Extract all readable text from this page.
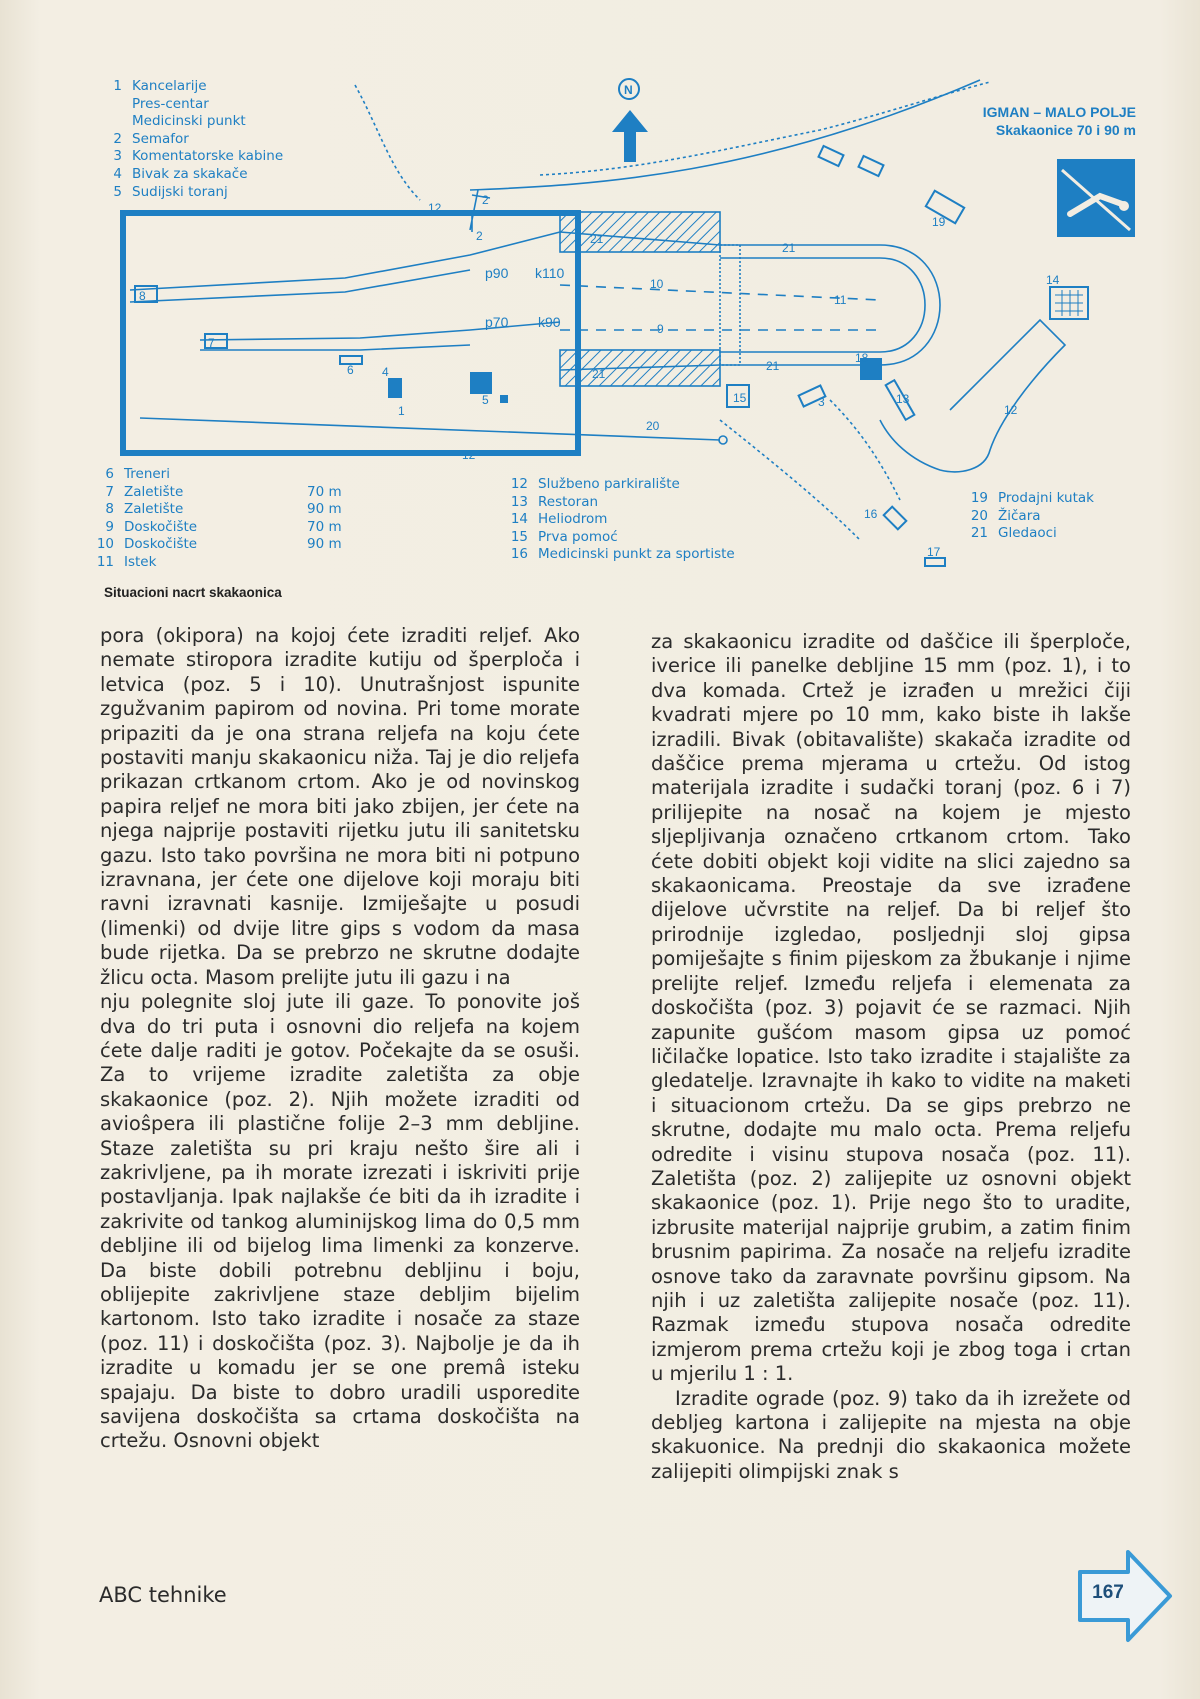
2
2
12
12
12
8
7
6 4
1
5
p90 k110
p70 k90
21
21
21
21
10
9
11
20
15	3
18
13
14
19
16
17
N
1 Kancelarije
Pres-centar
Medicinski punkt
2 Semafor
3 Komentatorske kabine
4 Bivak za skakače
5 Sudijski toranj
IGMAN – MALO POLJE
Skakaonice 70 i 90 m
6 Treneri
7 Zaletište	70 m
8 Zaletište	90 m
9 Doskočište	70 m
10 Doskočište	90 m
11 Istek
12 Službeno parkiralište
13 Restoran
14 Heliodrom
15 Prva pomoć
16 Medicinski punkt za sportiste
19 Prodajni kutak
20 Žičara
21 Gledaoci
Situacioni nacrt skakaonica

pora (okipora) na kojoj ćete izraditi reljef. Ako nemate stiropora izradite kutiju od šperploča i letvica (poz. 5 i 10). Unutrašnjost ispunite zgužvanim papirom od novina. Pri tome morate pripaziti da je ona strana reljefa na koju ćete postaviti manju skakaonicu niža. Taj je dio reljefa prikazan crtkanom crtom. Ako je od novinskog papira reljef ne mora biti jako zbijen, jer ćete na njega najprije postaviti rijetku jutu ili sanitetsku gazu. Isto tako površina ne mora biti ni potpuno izravnana, jer ćete one dijelove koji moraju biti ravni izravnati kasnije. Izmiješajte u posudi (limenki) od dvije litre gips s vodom da masa bude rijetka. Da se prebrzo ne skrutne dodajte žlicu octa. Masom prelijte jutu ili gazu i na

nju polegnite sloj jute ili gaze. To ponovite još dva do tri puta i osnovni dio reljefa na kojem ćete dalje raditi je gotov. Počekajte da se osuši. Za to vrijeme izradite zaletišta za obje skakaonice (poz. 2). Njih možete izraditi od avioŝpera ili plastične folije 2–3 mm debljine. Staze zaletišta su pri kraju nešto šire ali i zakrivljene, pa ih morate izrezati i iskriviti prije postavljanja. Ipak najlakše će biti da ih izradite i zakrivite od tankog aluminijskog lima do 0,5 mm debljine ili od bijelog lima limenki za konzerve. Da biste dobili potrebnu debljinu i boju, oblijepite zakrivljene staze debljim bijelim kartonom. Isto tako izradite i nosače za staze (poz. 11) i doskočišta (poz. 3). Najbolje je da ih izradite u komadu jer se one premâ isteku spajaju. Da biste to dobro uradili usporedite savijena doskočišta sa crtama doskočišta na crtežu. Osnovni objekt

za skakaonicu izradite od daščice ili šperploče, iverice ili panelke debljine 15 mm (poz. 1), i to dva komada. Crtež je izrađen u mrežici čiji kvadrati mjere po 10 mm, kako biste ih lakše izradili. Bivak (obitavalište) skakača izradite od daščice prema mjerama u crtežu. Od istog materijala izradite i sudački toranj (poz. 6 i 7) prilijepite na nosač na kojem je mjesto sljepljivanja označeno crtkanom crtom. Tako ćete dobiti objekt koji vidite na slici zajedno sa skakaonicama. Preostaje da sve izrađene dijelove učvrstite na reljef. Da bi reljef što prirodnije izgledao, posljednji sloj gipsa pomiješajte s finim pijeskom za žbukanje i njime prelijte reljef. Između reljefa i elemenata za doskočišta (poz. 3) pojavit će se razmaci. Njih zapunite gušćom masom gipsa uz pomoć ličilačke lopatice. Isto tako izradite i stajalište za gledatelje. Izravnajte ih kako to vidite na maketi i situacionom crtežu. Da se gips prebrzo ne skrutne, dodajte mu malo octa. Prema reljefu odredite i visinu stupova nosača (poz. 11). Zaletišta (poz. 2) zalijepite uz osnovni objekt skakaonice (poz. 1). Prije nego što to uradite, izbrusite materijal najprije grubim, a zatim finim brusnim papirima. Za nosače na reljefu izradite osnove tako da zaravnate površinu gipsom. Na njih i uz zaletišta zalijepite nosače (poz. 11). Razmak između stupova nosača odredite izmjerom prema crtežu koji je zbog toga i crtan u mjerilu 1 : 1.

Izradite ograde (poz. 9) tako da ih izrežete od debljeg kartona i zalijepite na mjesta na obje skakuonice. Na prednji dio skakaonica možete zalijepiti olimpijski znak s

ABC tehnike	167
